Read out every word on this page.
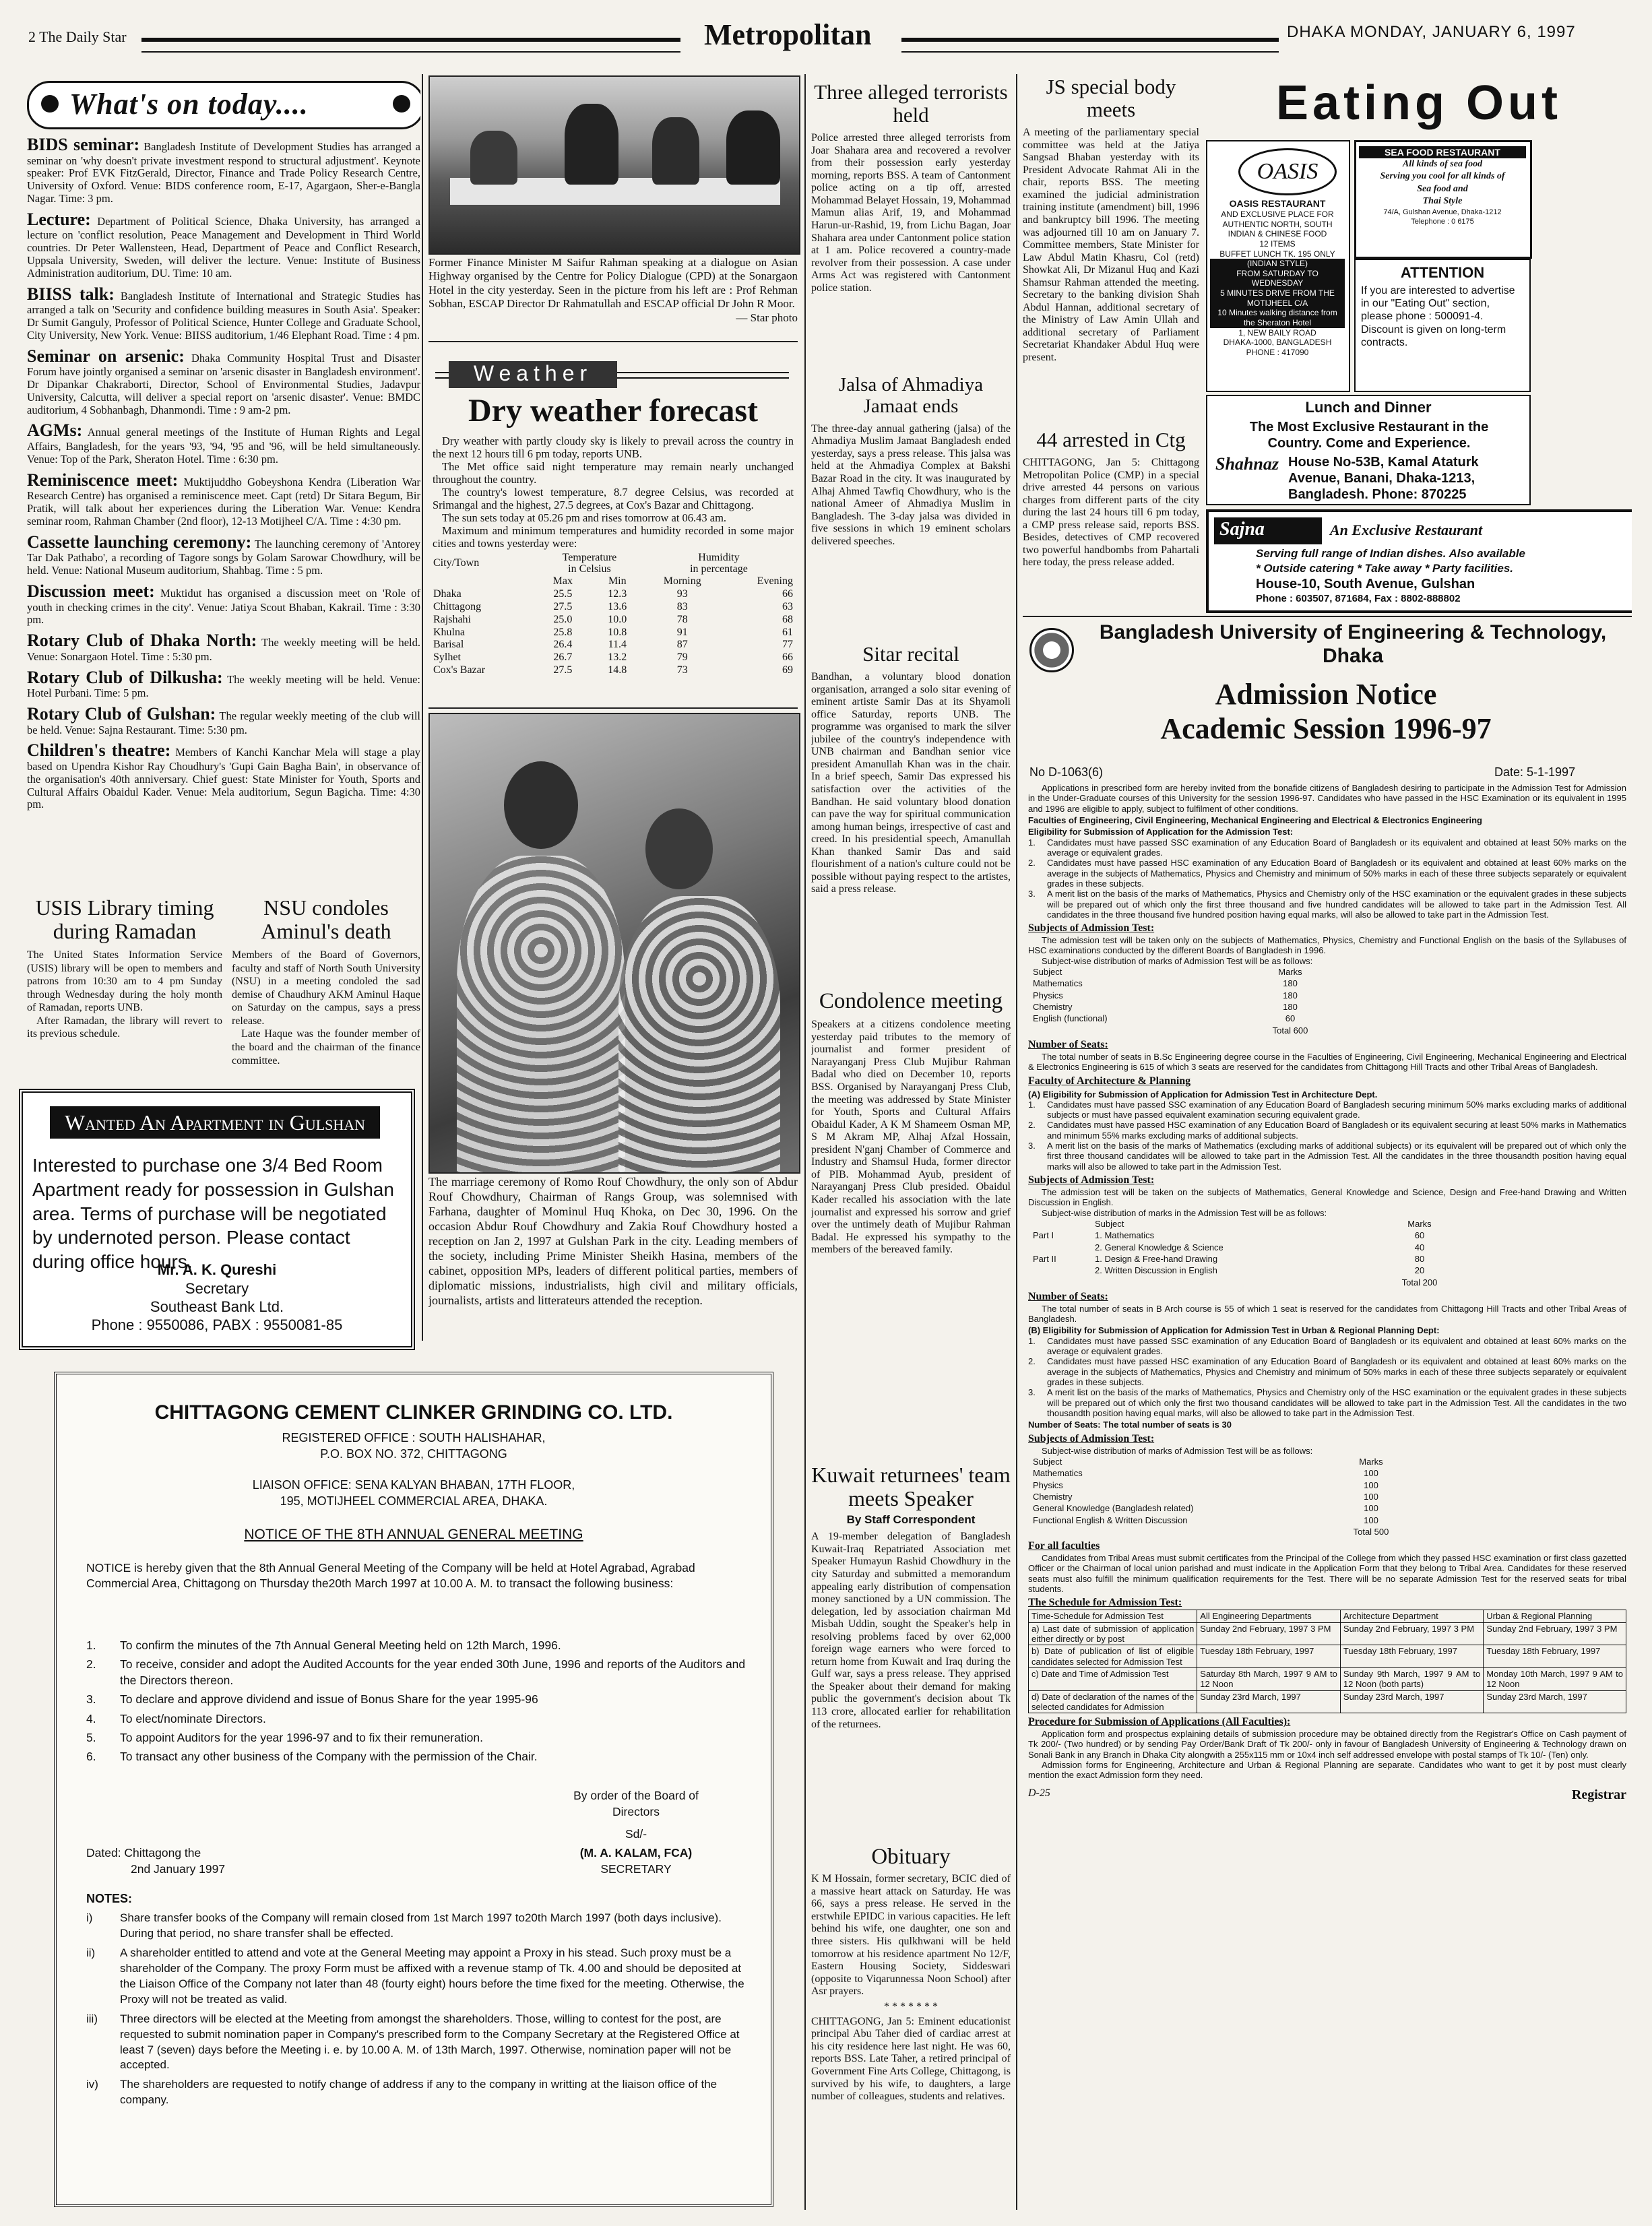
2 The Daily Star	Metropolitan	DHAKA MONDAY, JANUARY 6, 1997
What's on today....

BIDS seminar: Bangladesh Institute of Development Studies has arranged a seminar on 'why doesn't private investment respond to structural adjustment'. Keynote speaker: Prof EVK FitzGerald, Director, Finance and Trade Policy Research Centre, University of Oxford. Venue: BIDS conference room, E-17, Agargaon, Sher-e-Bangla Nagar. Time: 3 pm.

Lecture: Department of Political Science, Dhaka University, has arranged a lecture on 'conflict resolution, Peace Management and Development in Third World countries. Dr Peter Wallensteen, Head, Department of Peace and Conflict Research, Uppsala University, Sweden, will deliver the lecture. Venue: Institute of Business Administration auditorium, DU. Time: 10 am.

BIISS talk: Bangladesh Institute of International and Strategic Studies has arranged a talk on 'Security and confidence building measures in South Asia'. Speaker: Dr Sumit Ganguly, Professor of Political Science, Hunter College and Graduate School, City University, New York. Venue: BIISS auditorium, 1/46 Elephant Road. Time : 4 pm.

Seminar on arsenic: Dhaka Community Hospital Trust and Disaster Forum have jointly organised a seminar on 'arsenic disaster in Bangladesh environment'. Dr Dipankar Chakraborti, Director, School of Environmental Studies, Jadavpur University, Calcutta, will deliver a special report on 'arsenic disaster'. Venue: BMDC auditorium, 4 Sobhanbagh, Dhanmondi. Time : 9 am-2 pm.

AGMs: Annual general meetings of the Institute of Human Rights and Legal Affairs, Bangladesh, for the years '93, '94, '95 and '96, will be held simultaneously. Venue: Top of the Park, Sheraton Hotel. Time : 6:30 pm.

Reminiscence meet: Muktijuddho Gobeyshona Kendra (Liberation War Research Centre) has organised a reminiscence meet. Capt (retd) Dr Sitara Begum, Bir Pratik, will talk about her experiences during the Liberation War. Venue: Kendra seminar room, Rahman Chamber (2nd floor), 12-13 Motijheel C/A. Time : 4:30 pm.

Cassette launching ceremony: The launching ceremony of 'Antorey Tar Dak Pathabo', a recording of Tagore songs by Golam Sarowar Chowdhury, will be held. Venue: National Museum auditorium, Shahbag. Time : 5 pm.

Discussion meet: Muktidut has organised a discussion meet on 'Role of youth in checking crimes in the city'. Venue: Jatiya Scout Bhaban, Kakrail. Time : 3:30 pm.

Rotary Club of Dhaka North: The weekly meeting will be held. Venue: Sonargaon Hotel. Time : 5:30 pm.

Rotary Club of Dilkusha: The weekly meeting will be held. Venue: Hotel Purbani. Time: 5 pm.

Rotary Club of Gulshan: The regular weekly meeting of the club will be held. Venue: Sajna Restaurant. Time: 5:30 pm.

Children's theatre: Members of Kanchi Kanchar Mela will stage a play based on Upendra Kishor Ray Choudhury's 'Gupi Gain Bagha Bain', in observance of the organisation's 40th anniversary. Chief guest: State Minister for Youth, Sports and Cultural Affairs Obaidul Kader. Venue: Mela auditorium, Segun Bagicha. Time: 4:30 pm.

USIS Library timing during Ramadan
The United States Information Service (USIS) library will be open to members and patrons from 10:30 am to 4 pm Sunday through Wednesday during the holy month of Ramadan, reports UNB.
After Ramadan, the library will revert to its previous schedule.
NSU condoles Aminul's death
Members of the Board of Governors, faculty and staff of North South University (NSU) in a meeting condoled the sad demise of Chaudhury AKM Aminul Haque on Saturday on the campus, says a press release.
Late Haque was the founder member of the board and the chairman of the finance committee.
Wanted An Apartment in Gulshan
Interested to purchase one 3/4 Bed Room Apartment ready for possession in Gulshan area. Terms of purchase will be negotiated by undernoted person. Please contact during office hours.
Mr. A. K. Qureshi
Secretary
Southeast Bank Ltd.
Phone : 9550086, PABX : 9550081-85
Former Finance Minister M Saifur Rahman speaking at a dialogue on Asian Highway organised by the Centre for Policy Dialogue (CPD) at the Sonargaon Hotel in the city yesterday. Seen in the picture from his left are : Prof Rehman Sobhan, ESCAP Director Dr Rahmatullah and ESCAP official Dr John R Moor.
— Star photo
Weather
Dry weather forecast
Dry weather with partly cloudy sky is likely to prevail across the country in the next 12 hours till 6 pm today, reports UNB.
The Met office said night temperature may remain nearly unchanged throughout the country.
The country's lowest temperature, 8.7 degree Celsius, was recorded at Srimangal and the highest, 27.5 degrees, at Cox's Bazar and Chittagong.
The sun sets today at 05.26 pm and rises tomorrow at 06.43 am.
Maximum and minimum temperatures and humidity recorded in some major cities and towns yesterday were:
City/Town	Temperature
in Celsius		Humidity
in percentage	
	Max	Min	Morning	Evening
Dhaka	25.5	12.3	93	66
Chittagong	27.5	13.6	83	63
Rajshahi	25.0	10.0	78	68
Khulna	25.8	10.8	91	61
Barisal	26.4	11.4	87	77
Sylhet	26.7	13.2	79	66
Cox's Bazar	27.5	14.8	73	69
The marriage ceremony of Romo Rouf Chowdhury, the only son of Abdur Rouf Chowdhury, Chairman of Rangs Group, was solemnised with Farhana, daughter of Mominul Huq Khoka, on Dec 30, 1996. On the occasion Abdur Rouf Chowdhury and Zakia Rouf Chowdhury hosted a reception on Jan 2, 1997 at Gulshan Park in the city. Leading members of the society, including Prime Minister Sheikh Hasina, members of the cabinet, opposition MPs, leaders of different political parties, members of diplomatic missions, industrialists, high civil and military officials, journalists, artists and litterateurs attended the reception.
Three alleged terrorists held
Police arrested three alleged terrorists from Joar Shahara area and recovered a revolver from their possession early yesterday morning, reports BSS. A team of Cantonment police acting on a tip off, arrested Mohammad Belayet Hossain, 19, Mohammad Mamun alias Arif, 19, and Mohammad Harun-ur-Rashid, 19, from Lichu Bagan, Joar Shahara area under Cantonment police station at 1 am. Police recovered a country-made revolver from their possession. A case under Arms Act was registered with Cantonment police station.
Jalsa of Ahmadiya Jamaat ends
The three-day annual gathering (jalsa) of the Ahmadiya Muslim Jamaat Bangladesh ended yesterday, says a press release. This jalsa was held at the Ahmadiya Complex at Bakshi Bazar Road in the city. It was inaugurated by Alhaj Ahmed Tawfiq Chowdhury, who is the national Ameer of Ahmadiya Muslim in Bangladesh. The 3-day jalsa was divided in five sessions in which 19 eminent scholars delivered speeches.
Sitar recital
Bandhan, a voluntary blood donation organisation, arranged a solo sitar evening of eminent artiste Samir Das at its Shyamoli office Saturday, reports UNB. The programme was organised to mark the silver jubilee of the country's independence with UNB chairman and Bandhan senior vice president Amanullah Khan was in the chair. In a brief speech, Samir Das expressed his satisfaction over the activities of the Bandhan. He said voluntary blood donation can pave the way for spiritual communication among human beings, irrespective of cast and creed. In his presidential speech, Amanullah Khan thanked Samir Das and said flourishment of a nation's culture could not be possible without paying respect to the artistes, said a press release.
Condolence meeting
Speakers at a citizens condolence meeting yesterday paid tributes to the memory of journalist and former president of Narayanganj Press Club Mujibur Rahman Badal who died on December 10, reports BSS. Organised by Narayanganj Press Club, the meeting was addressed by State Minister for Youth, Sports and Cultural Affairs Obaidul Kader, A K M Shameem Osman MP, S M Akram MP, Alhaj Afzal Hossain, president N'ganj Chamber of Commerce and Industry and Shamsul Huda, former director of PIB. Mohammad Ayub, president of Narayanganj Press Club presided. Obaidul Kader recalled his association with the late journalist and expressed his sorrow and grief over the untimely death of Mujibur Rahman Badal. He expressed his sympathy to the members of the bereaved family.
Kuwait returnees' team meets Speaker
By Staff Correspondent
A 19-member delegation of Bangladesh Kuwait-Iraq Repatriated Association met Speaker Humayun Rashid Chowdhury in the city Saturday and submitted a memorandum appealing early distribution of compensation money sanctioned by a UN commission. The delegation, led by association chairman Md Misbah Uddin, sought the Speaker's help in resolving problems faced by over 62,000 foreign wage earners who were forced to return home from Kuwait and Iraq during the Gulf war, says a press release. They apprised the Speaker about their demand for making public the government's decision about Tk 113 crore, allocated earlier for rehabilitation of the returnees.
Obituary
K M Hossain, former secretary, BCIC died of a massive heart attack on Saturday. He was 66, says a press release. He served in the erstwhile EPIDC in various capacities. He left behind his wife, one daughter, one son and three sisters. His qulkhwani will be held tomorrow at his residence apartment No 12/F, Eastern Housing Society, Siddeswari (opposite to Viqarunnessa Noon School) after Asr prayers.
* * * * * * *
CHITTAGONG, Jan 5: Eminent educationist principal Abu Taher died of cardiac arrest at his city residence here last night. He was 60, reports BSS. Late Taher, a retired principal of Government Fine Arts College, Chittagong, is survived by his wife, to daughters, a large number of colleagues, students and relatives.
JS special body meets
A meeting of the parliamentary special committee was held at the Jatiya Sangsad Bhaban yesterday with its President Advocate Rahmat Ali in the chair, reports BSS. The meeting examined the judicial administration training institute (amendment) bill, 1996 and bankruptcy bill 1996. The meeting was adjourned till 10 am on January 7. Committee members, State Minister for Law Abdul Matin Khasru, Col (retd) Showkat Ali, Dr Mizanul Huq and Kazi Shamsur Rahman attended the meeting. Secretary to the banking division Shah Abdul Hannan, additional secretary of the Ministry of Law Amin Ullah and additional secretary of Parliament Secretariat Khandaker Abdul Huq were present.
44 arrested in Ctg
CHITTAGONG, Jan 5: Chittagong Metropolitan Police (CMP) in a special drive arrested 44 persons on various charges from different parts of the city during the last 24 hours till 6 pm today, a CMP press release said, reports BSS. Besides, detectives of CMP recovered two powerful handbombs from Pahartali here today, the press release added.
Eating Out
OASIS
OASIS RESTAURANT
AND EXCLUSIVE PLACE FOR
AUTHENTIC NORTH, SOUTH
INDIAN & CHINESE FOOD
12 ITEMS
BUFFET LUNCH TK. 195 ONLY
(INDIAN STYLE)
FROM SATURDAY TO WEDNESDAY
5 MINUTES DRIVE FROM THE MOTIJHEEL C/A
10 Minutes walking distance from
the Sheraton Hotel
1, NEW BAILY ROAD
DHAKA-1000, BANGLADESH
PHONE : 417090
SEA FOOD RESTAURANT
All kinds of sea food
Serving you cool for all kinds of
Sea food and
Thai Style
74/A, Gulshan Avenue, Dhaka-1212
Telephone : 0 6175
ATTENTION
If you are interested to advertise in our "Eating Out" section, please phone : 500091-4. Discount is given on long-term contracts.
Lunch and Dinner
The Most Exclusive Restaurant in the Country. Come and Experience.
Shahnaz House No-53B, Kamal Ataturk Avenue, Banani, Dhaka-1213, Bangladesh. Phone: 870225
Sajna	An Exclusive Restaurant
Serving full range of Indian dishes. Also available
* Outside catering * Take away * Party facilities.
House-10, South Avenue, Gulshan
Phone : 603507, 871684, Fax : 8802-888802
Bangladesh University of Engineering & Technology, Dhaka
Admission Notice Academic Session 1996-97
No D-1063(6)	Date: 5-1-1997
Applications in prescribed form are hereby invited from the bonafide citizens of Bangladesh desiring to participate in the Admission Test for Admission in the Under-Graduate courses of this University for the session 1996-97. Candidates who have passed in the HSC Examination or its equivalent in 1995 and 1996 are eligible to apply, subject to fulfilment of other conditions.
Faculties of Engineering, Civil Engineering, Mechanical Engineering and Electrical & Electronics Engineering
Eligibility for Submission of Application for the Admission Test:
1.	Candidates must have passed SSC examination of any Education Board of Bangladesh or its equivalent and obtained at least 50% marks on the average or equivalent grades.
2.	Candidates must have passed HSC examination of any Education Board of Bangladesh or its equivalent and obtained at least 60% marks on the average in the subjects of Mathematics, Physics and Chemistry and minimum of 50% marks in each of these three subjects separately or equivalent grades in these subjects.
3.	A merit list on the basis of the marks of Mathematics, Physics and Chemistry only of the HSC examination or the equivalent grades in these subjects will be prepared out of which only the first three thousand and five hundred candidates will be allowed to take part in the Admission Test. All candidates in the three thousand five hundred position having equal marks, will also be allowed to take part in the Admission Test.
Subjects of Admission Test:
The admission test will be taken only on the subjects of Mathematics, Physics, Chemistry and Functional English on the basis of the Syllabuses of HSC examinations conducted by the different Boards of Bangladesh in 1996.
Subject-wise distribution of marks of Admission Test will be as follows:
Subject	Marks
Mathematics	180
Physics	180
Chemistry	180
English (functional)	60
	Total 600
Number of Seats:
The total number of seats in B.Sc Engineering degree course in the Faculties of Engineering, Civil Engineering, Mechanical Engineering and Electrical & Electronics Engineering is 615 of which 3 seats are reserved for the candidates from Chittagong Hill Tracts and other Tribal Areas of Bangladesh.
Faculty of Architecture & Planning
(A) Eligibility for Submission of Application for Admission Test in Architecture Dept.
1.	Candidates must have passed SSC examination of any Education Board of Bangladesh securing minimum 50% marks excluding marks of additional subjects or must have passed equivalent examination securing equivalent grade.
2.	Candidates must have passed HSC examination of any Education Board of Bangladesh or its equivalent securing at least 50% marks in Mathematics and minimum 55% marks excluding marks of additional subjects.
3.	A merit list on the basis of the marks of Mathematics (excluding marks of additional subjects) or its equivalent will be prepared out of which only the first three thousand candidates will be allowed to take part in the Admission Test. All the candidates in the three thousandth position having equal marks will also be allowed to take part in the Admission Test.
Subjects of Admission Test:
The admission test will be taken on the subjects of Mathematics, General Knowledge and Science, Design and Free-hand Drawing and Written Discussion in English.
Subject-wise distribution of marks in the Admission Test will be as follows:
	Subject	Marks
Part I	1. Mathematics	60
	2. General Knowledge & Science	40
Part II	1. Design & Free-hand Drawing	80
	2. Written Discussion in English	20
		Total 200
Number of Seats:
The total number of seats in B Arch course is 55 of which 1 seat is reserved for the candidates from Chittagong Hill Tracts and other Tribal Areas of Bangladesh.
(B) Eligibility for Submission of Application for Admission Test in Urban & Regional Planning Dept:
1.	Candidates must have passed SSC examination of any Education Board of Bangladesh or its equivalent and obtained at least 60% marks on the average or equivalent grades.
2.	Candidates must have passed HSC examination of any Education Board of Bangladesh or its equivalent and obtained at least 60% marks on the average in the subjects of Mathematics, Physics and Chemistry and minimum of 50% marks in each of these three subjects separately or equivalent grades in these subjects.
3.	A merit list on the basis of the marks of Mathematics, Physics and Chemistry only of the HSC examination or the equivalent grades in these subjects will be prepared out of which only the first two thousand candidates will be allowed to take part in the Admission Test. All the candidates in the two thousandth position having equal marks, will also be allowed to take part in the Admission Test.
Number of Seats: The total number of seats is 30
Subjects of Admission Test:
Subject-wise distribution of marks of Admission Test will be as follows:
Subject	Marks
Mathematics	100
Physics	100
Chemistry	100
General Knowledge (Bangladesh related)	100
Functional English & Written Discussion	100
	Total 500
For all faculties
Candidates from Tribal Areas must submit certificates from the Principal of the College from which they passed HSC examination or first class gazetted Officer or the Chairman of local union parishad and must indicate in the Application Form that they belong to Tribal Area. Candidates for these reserved seats must also fulfill the minimum qualification requirements for the Test. There will be no separate Admission Test for the reserved seats for tribal students.
The Schedule for Admission Test:
Time-Schedule for Admission Test	All Engineering Departments	Architecture Department	Urban & Regional Planning
a) Last date of submission of application either directly or by post	Sunday 2nd February, 1997 3 PM	Sunday 2nd February, 1997 3 PM	Sunday 2nd February, 1997 3 PM
b) Date of publication of list of eligible candidates selected for Admission Test	Tuesday 18th February, 1997	Tuesday 18th February, 1997	Tuesday 18th February, 1997
c) Date and Time of Admission Test	Saturday 8th March, 1997 9 AM to 12 Noon	Sunday 9th March, 1997 9 AM to 12 Noon (both parts)	Monday 10th March, 1997 9 AM to 12 Noon
d) Date of declaration of the names of the selected candidates for Admission	Sunday 23rd March, 1997	Sunday 23rd March, 1997	Sunday 23rd March, 1997
Procedure for Submission of Applications (All Faculties):
Application form and prospectus explaining details of submission procedure may be obtained directly from the Registrar's Office on Cash payment of Tk 200/- (Two hundred) or by sending Pay Order/Bank Draft of Tk 200/- only in favour of Bangladesh University of Engineering & Technology drawn on Sonali Bank in any Branch in Dhaka City alongwith a 255x115 mm or 10x4 inch self addressed envelope with postal stamps of Tk 10/- (Ten) only.
Admission forms for Engineering, Architecture and Urban & Regional Planning are separate. Candidates who want to get it by post must clearly mention the exact Admission form they need.
D-25	Registrar
CHITTAGONG CEMENT CLINKER GRINDING CO. LTD.
REGISTERED OFFICE : SOUTH HALISHAHAR,
P.O. BOX NO. 372, CHITTAGONG
LIAISON OFFICE: SENA KALYAN BHABAN, 17TH FLOOR,
195, MOTIJHEEL COMMERCIAL AREA, DHAKA.
NOTICE OF THE 8TH ANNUAL GENERAL MEETING
NOTICE is hereby given that the 8th Annual General Meeting of the Company will be held at Hotel Agrabad, Agrabad Commercial Area, Chittagong on Thursday the20th March 1997 at 10.00 A. M. to transact the following business:
1.	To confirm the minutes of the 7th Annual General Meeting held on 12th March, 1996.
2.	To receive, consider and adopt the Audited Accounts for the year ended 30th June, 1996 and reports of the Auditors and the Directors thereon.
3.	To declare and approve dividend and issue of Bonus Share for the year 1995-96
4.	To elect/nominate Directors.
5.	To appoint Auditors for the year 1996-97 and to fix their remuneration.
6.	To transact any other business of the Company with the permission of the Chair.
By order of the Board of Directors
Sd/-
(M. A. KALAM, FCA)
SECRETARY
Dated: Chittagong the
2nd January 1997
NOTES:
i)	Share transfer books of the Company will remain closed from 1st March 1997 to20th March 1997 (both days inclusive). During that period, no share transfer shall be effected.
ii)	A shareholder entitled to attend and vote at the General Meeting may appoint a Proxy in his stead. Such proxy must be a shareholder of the Company. The proxy Form must be affixed with a revenue stamp of Tk. 4.00 and should be deposited at the Liaison Office of the Company not later than 48 (fourty eight) hours before the time fixed for the meeting. Otherwise, the Proxy will not be treated as valid.
iii)	Three directors will be elected at the Meeting from amongst the shareholders. Those, willing to contest for the post, are requested to submit nomination paper in Company's prescribed form to the Company Secretary at the Registered Office at least 7 (seven) days before the Meeting i. e. by 10.00 A. M. of 13th March, 1997. Otherwise, nomination paper will not be accepted.
iv)	The shareholders are requested to notify change of address if any to the company in writting at the liaison office of the company.
